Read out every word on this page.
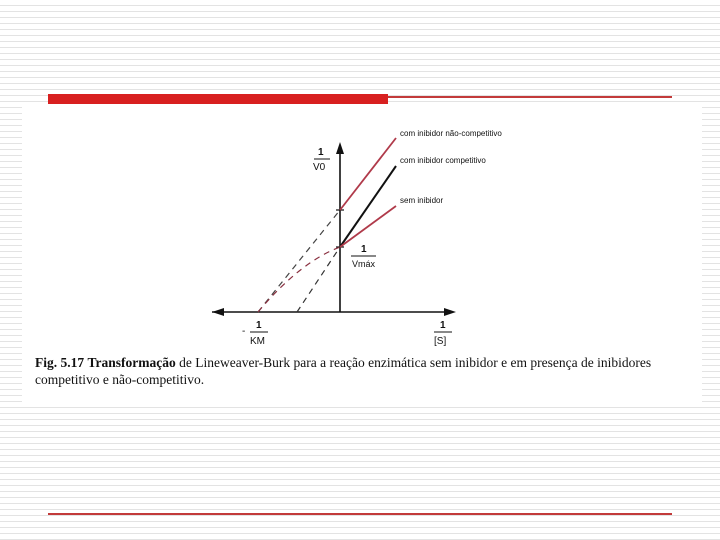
com inibidor não-competitivo
com inibidor competitivo
sem inibidor
1
V0
1
Vmáx
-
1
KM
1
[S]
Fig. 5.17 Transformação de Lineweaver-Burk para a reação enzimática sem inibidor e em presença de inibidores competitivo e não-competitivo.
